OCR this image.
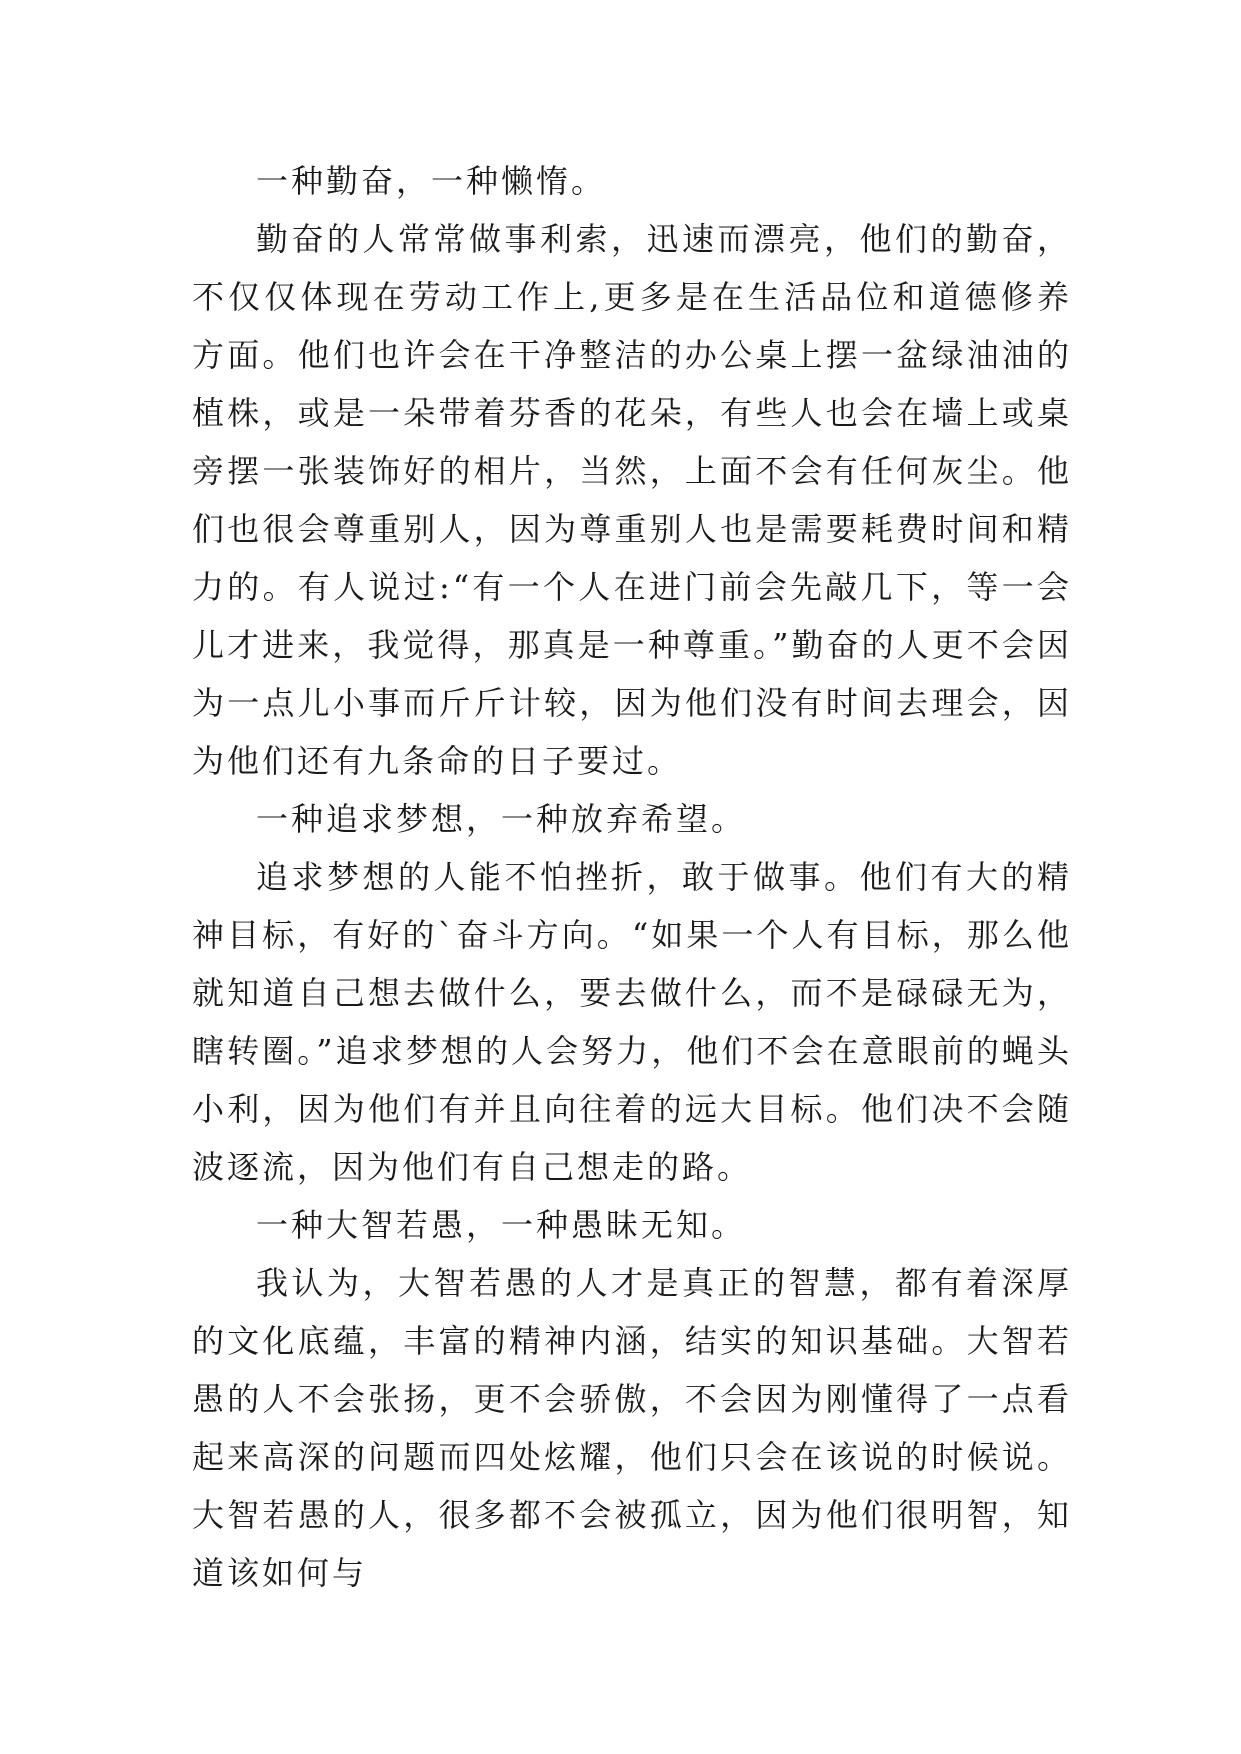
一种勤奋，一种懒惰。

勤奋的人常常做事利索，迅速而漂亮，他们的勤奋，不仅仅体现在劳动工作上,更多是在生活品位和道德修养方面。他们也许会在干净整洁的办公桌上摆一盆绿油油的植株，或是一朵带着芬香的花朵，有些人也会在墙上或桌旁摆一张装饰好的相片，当然，上面不会有任何灰尘。他们也很会尊重别人，因为尊重别人也是需要耗费时间和精力的。有人说过:“有一个人在进门前会先敲几下，等一会儿才进来，我觉得，那真是一种尊重。”勤奋的人更不会因为一点儿小事而斤斤计较，因为他们没有时间去理会，因为他们还有九条命的日子要过。

一种追求梦想，一种放弃希望。

追求梦想的人能不怕挫折，敢于做事。他们有大的精神目标，有好的`奋斗方向。“如果一个人有目标，那么他就知道自己想去做什么，要去做什么，而不是碌碌无为，瞎转圈。”追求梦想的人会努力，他们不会在意眼前的蝇头小利，因为他们有并且向往着的远大目标。他们决不会随波逐流，因为他们有自己想走的路。

一种大智若愚，一种愚昧无知。

我认为，大智若愚的人才是真正的智慧，都有着深厚的文化底蕴，丰富的精神内涵，结实的知识基础。大智若愚的人不会张扬，更不会骄傲，不会因为刚懂得了一点看起来高深的问题而四处炫耀，他们只会在该说的时候说。大智若愚的人，很多都不会被孤立，因为他们很明智，知道该如何与
